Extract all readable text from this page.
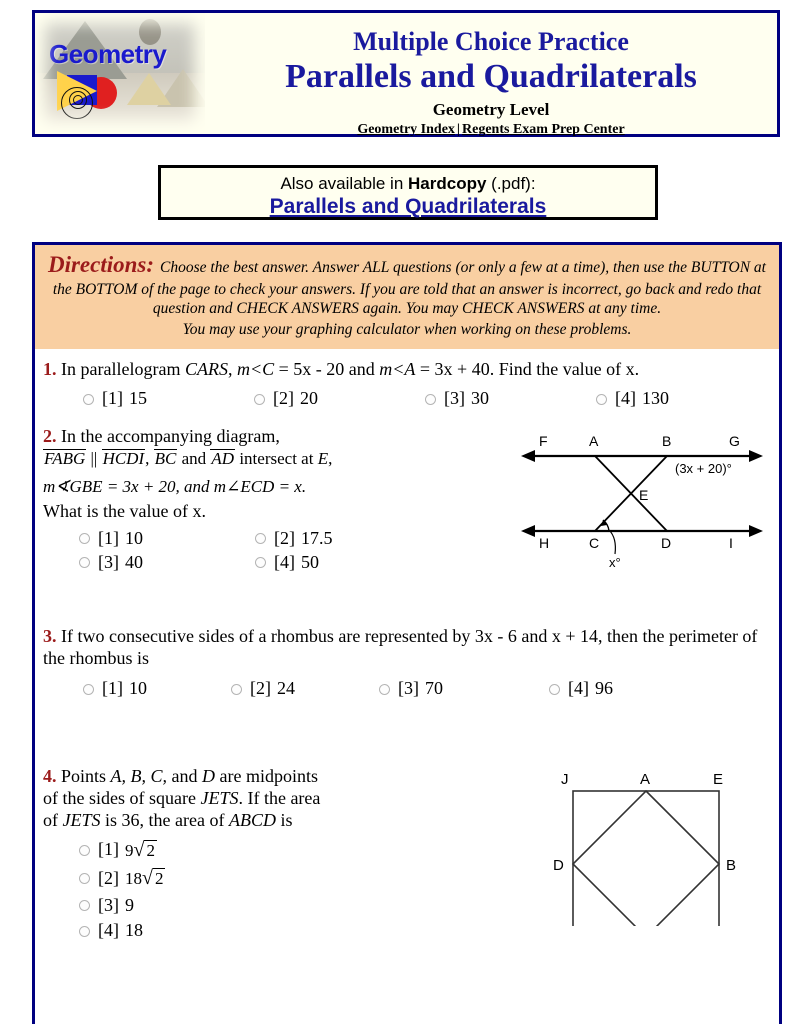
Geometry	Multiple Choice Practice
Parallels and Quadrilaterals
Geometry Level
Geometry Index|Regents Exam Prep Center
Also available in Hardcopy (.pdf):
Parallels and Quadrilaterals
Directions: Choose the best answer. Answer ALL questions (or only a few at a time), then use the BUTTON at the BOTTOM of the page to check your answers. If you are told that an answer is incorrect, go back and redo that question and CHECK ANSWERS again. You may CHECK ANSWERS at any time.
You may use your graphing calculator when working on these problems.
1. In parallelogram CARS, m<C = 5x - 20 and m<A = 3x + 40. Find the value of x.
[1] 15	[2] 20	[3] 30	[4] 130
2. In the accompanying diagram,
FABG || HCDI, BC and AD intersect at E,
m∢GBE = 3x + 20, and m∠ECD = x.
What is the value of x.
[1] 10	[2] 17.5
[3] 40	[4] 50
F	A	B	G
E
H	C	D	I
(3x + 20)°
x°
3. If two consecutive sides of a rhombus are represented by 3x - 6 and x + 14, then the perimeter of the rhombus is
[1] 10	[2] 24	[3] 70	[4] 96
4. Points A, B, C, and D are midpoints
of the sides of square JETS. If the area
of JETS is 36, the area of ABCD is
[1] 9√ 2
[2] 18√ 2
[3] 9
[4] 18
J	A	E
D	B
